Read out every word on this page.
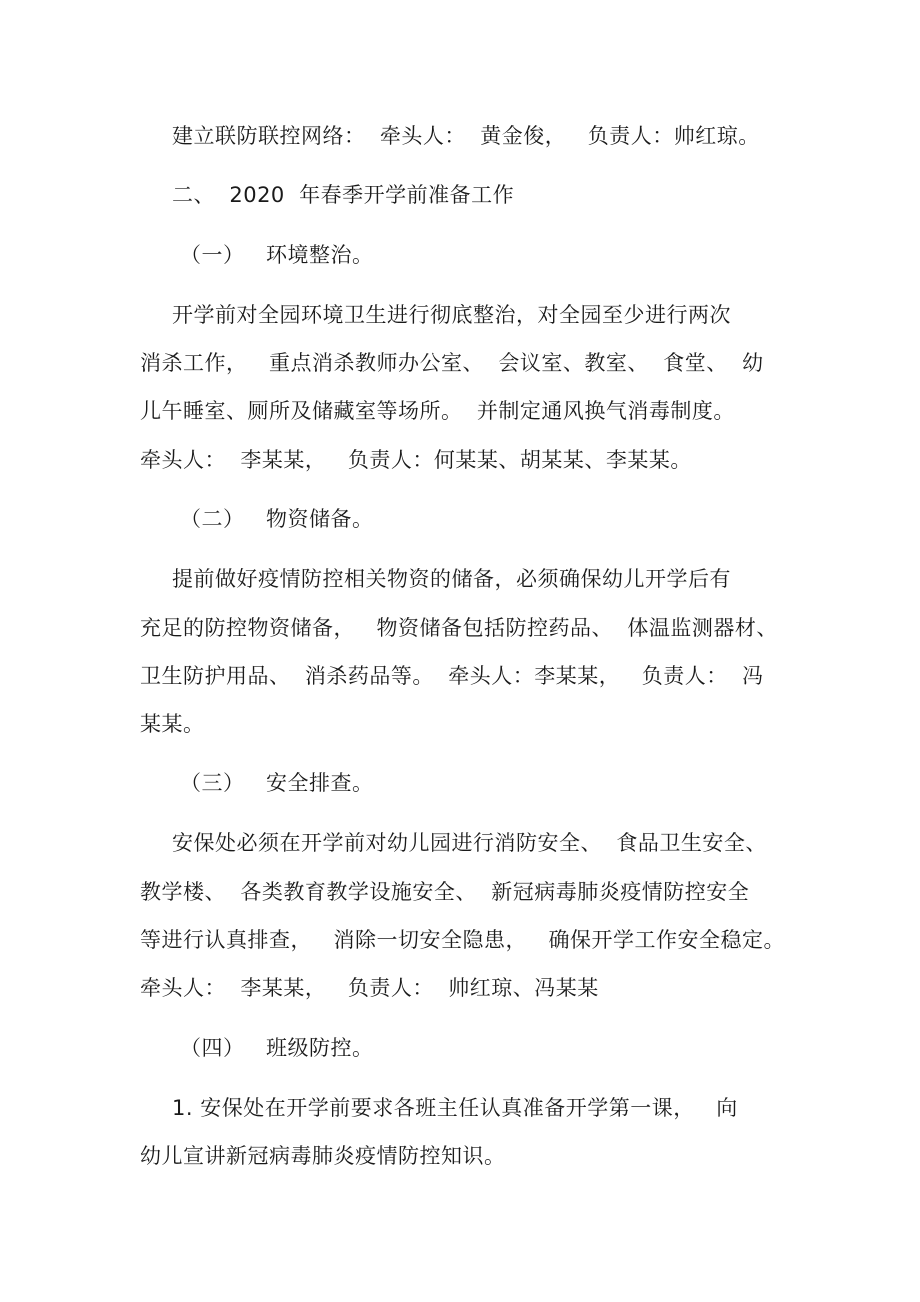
建立联防联控网络：  牵头人：  黄金俊，   负责人：帅红琼。
二、  2020  年春季开学前准备工作
（一）   环境整治。
开学前对全园环境卫生进行彻底整治，对全园至少进行两次
消杀工作，   重点消杀教师办公室、  会议室、教室、  食堂、  幼
儿午睡室、厕所及储藏室等场所。  并制定通风换气消毒制度。
牵头人：  李某某，   负责人：何某某、胡某某、李某某。
（二）   物资储备。
提前做好疫情防控相关物资的储备，必须确保幼儿开学后有
充足的防控物资储备，   物资储备包括防控药品、  体温监测器材、
卫生防护用品、  消杀药品等。  牵头人：李某某，   负责人：  冯
某某。
（三）   安全排查。
安保处必须在开学前对幼儿园进行消防安全、  食品卫生安全、
教学楼、  各类教育教学设施安全、  新冠病毒肺炎疫情防控安全
等进行认真排查，   消除一切安全隐患，   确保开学工作安全稳定。
牵头人：  李某某，   负责人：  帅红琼、冯某某
（四）   班级防控。
1. 安保处在开学前要求各班主任认真准备开学第一课，   向
幼儿宣讲新冠病毒肺炎疫情防控知识。
